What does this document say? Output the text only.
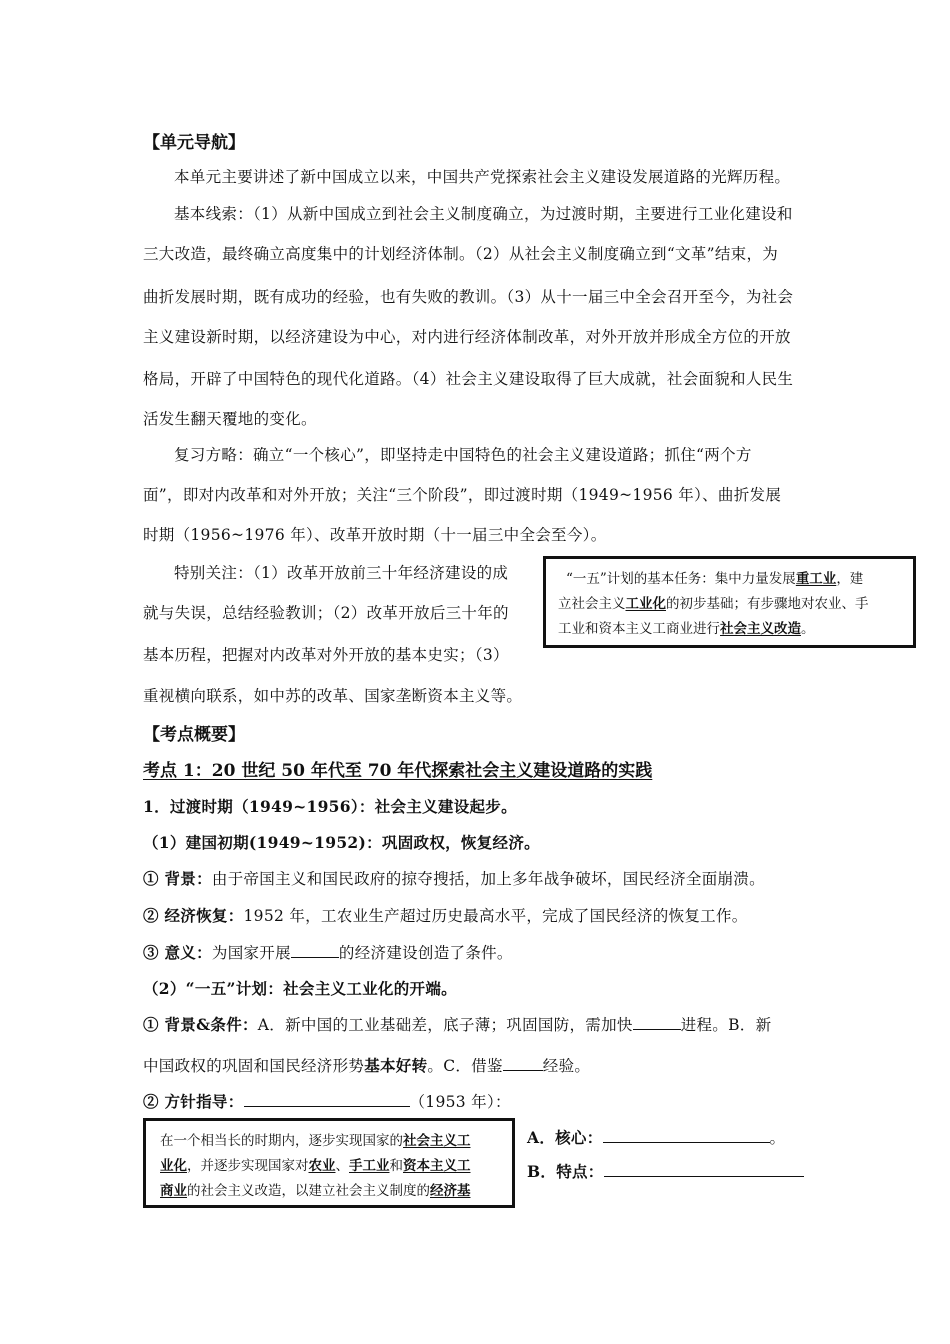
【单元导航】
本单元主要讲述了新中国成立以来，中国共产党探索社会主义建设发展道路的光辉历程。
基本线索：（1）从新中国成立到社会主义制度确立，为过渡时期，主要进行工业化建设和
三大改造，最终确立高度集中的计划经济体制。（2）从社会主义制度确立到“文革”结束，为
曲折发展时期，既有成功的经验，也有失败的教训。（3）从十一届三中全会召开至今，为社会
主义建设新时期，以经济建设为中心，对内进行经济体制改革，对外开放并形成全方位的开放
格局，开辟了中国特色的现代化道路。（4）社会主义建设取得了巨大成就，社会面貌和人民生
活发生翻天覆地的变化。
复习方略：确立“一个核心”，即坚持走中国特色的社会主义建设道路；抓住“两个方
面”，即对内改革和对外开放；关注“三个阶段”，即过渡时期（1949~1956 年）、曲折发展
时期（1956~1976 年）、改革开放时期（十一届三中全会至今）。
特别关注：（1）改革开放前三十年经济建设的成
就与失误，总结经验教训；（2）改革开放后三十年的
基本历程，把握对内改革对外开放的基本史实；（3）
重视横向联系，如中苏的改革、国家垄断资本主义等。
“一五”计划的基本任务：集中力量发展重工业，建
立社会主义工业化的初步基础；有步骤地对农业、手
工业和资本主义工商业进行社会主义改造。
【考点概要】
考点 1：20 世纪 50 年代至 70 年代探索社会主义建设道路的实践
1．过渡时期（1949~1956）：社会主义建设起步。
（1）建国初期(1949~1952)：巩固政权，恢复经济。
① 背景：由于帝国主义和国民政府的掠夺搜括，加上多年战争破坏，国民经济全面崩溃。
② 经济恢复：1952 年，工农业生产超过历史最高水平，完成了国民经济的恢复工作。
③ 意义：为国家开展	的经济建设创造了条件。
（2）“一五”计划：社会主义工业化的开端。
① 背景&条件：A．新中国的工业基础差，底子薄；巩固国防，需加快	进程。B．新
中国政权的巩固和国民经济形势基本好转。C．借鉴	经验。
② 方针指导：	（1953 年）：
A．核心：	。
B．特点：
在一个相当长的时期内，逐步实现国家的社会主义工
业化，并逐步实现国家对农业、手工业和资本主义工
商业的社会主义改造，以建立社会主义制度的经济基
